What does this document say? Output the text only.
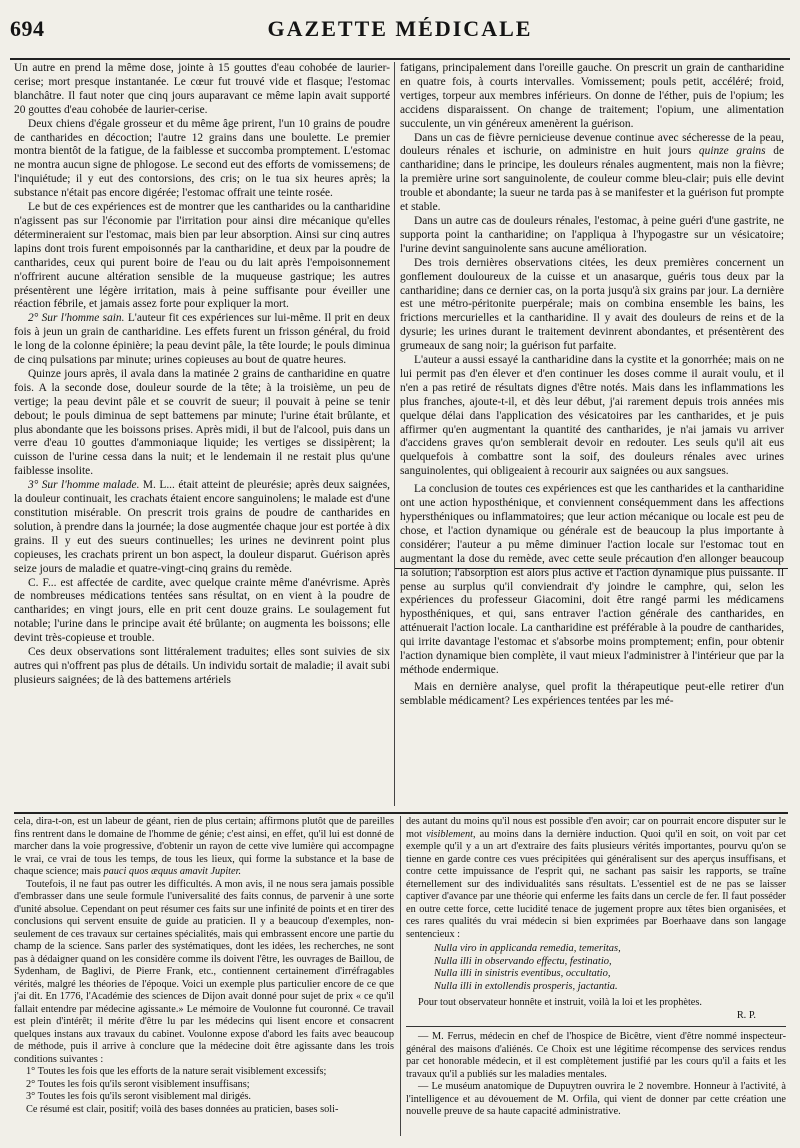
694	GAZETTE MÉDICALE

Un autre en prend la même dose, jointe à 15 gouttes d'eau cohobée de laurier-cerise; mort presque instantanée. Le cœur fut trouvé vide et flasque; l'estomac blanchâtre. Il faut noter que cinq jours auparavant ce même lapin avait supporté 20 gouttes d'eau cohobée de laurier-cerise.

Deux chiens d'égale grosseur et du même âge prirent, l'un 10 grains de poudre de cantharides en décoction; l'autre 12 grains dans une boulette. Le premier montra bientôt de la fatigue, de la faiblesse et succomba promptement. L'estomac ne montra aucun signe de phlogose. Le second eut des efforts de vomissemens; de l'inquiétude; il y eut des contorsions, des cris; on le tua six heures après; la substance n'était pas encore digérée; l'estomac offrait une teinte rosée.

Le but de ces expériences est de montrer que les cantharides ou la cantharidine n'agissent pas sur l'économie par l'irritation pour ainsi dire mécanique qu'elles détermineraient sur l'estomac, mais bien par leur absorption. Ainsi sur cinq autres lapins dont trois furent empoisonnés par la cantharidine, et deux par la poudre de cantharides, ceux qui purent boire de l'eau ou du lait après l'empoisonnement n'offrirent aucune altération sensible de la muqueuse gastrique; les autres présentèrent une légère irritation, mais à peine suffisante pour éveiller une réaction fébrile, et jamais assez forte pour expliquer la mort.

2° Sur l'homme sain. L'auteur fit ces expériences sur lui-même. Il prit en deux fois à jeun un grain de cantharidine. Les effets furent un frisson général, du froid le long de la colonne épinière; la peau devint pâle, la tête lourde; le pouls diminua de cinq pulsations par minute; urines copieuses au bout de quatre heures.

Quinze jours après, il avala dans la matinée 2 grains de cantharidine en quatre fois. A la seconde dose, douleur sourde de la tête; à la troisième, un peu de vertige; la peau devint pâle et se couvrit de sueur; il pouvait à peine se tenir debout; le pouls diminua de sept battemens par minute; l'urine était brûlante, et plus abondante que les boissons prises. Après midi, il but de l'alcool, puis dans un verre d'eau 10 gouttes d'ammoniaque liquide; les vertiges se dissipèrent; la cuisson de l'urine cessa dans la nuit; et le lendemain il ne restait plus qu'une faiblesse insolite.

3° Sur l'homme malade. M. L... était atteint de pleurésie; après deux saignées, la douleur continuait, les crachats étaient encore sanguinolens; le malade est d'une constitution misérable. On prescrit trois grains de poudre de cantharides en solution, à prendre dans la journée; la dose augmentée chaque jour est portée à dix grains. Il y eut des sueurs continuelles; les urines ne devinrent point plus copieuses, les crachats prirent un bon aspect, la douleur disparut. Guérison après seize jours de maladie et quatre-vingt-cinq grains du remède.

C. F... est affectée de cardite, avec quelque crainte même d'anévrisme. Après de nombreuses médications tentées sans résultat, on en vient à la poudre de cantharides; en vingt jours, elle en prit cent douze grains. Le soulagement fut notable; l'urine dans le principe avait été brûlante; on augmenta les boissons; elle devint très-copieuse et trouble.

Ces deux observations sont littéralement traduites; elles sont suivies de six autres qui n'offrent pas plus de détails. Un individu sortait de maladie; il avait subi plusieurs saignées; de là des battemens artériels

fatigans, principalement dans l'oreille gauche. On prescrit un grain de cantharidine en quatre fois, à courts intervalles. Vomissement; pouls petit, accéléré; froid, vertiges, torpeur aux membres inférieurs. On donne de l'éther, puis de l'opium; les accidens disparaissent. On change de traitement; l'opium, une alimentation succulente, un vin généreux amenèrent la guérison.

Dans un cas de fièvre pernicieuse devenue continue avec sécheresse de la peau, douleurs rénales et ischurie, on administre en huit jours quinze grains de cantharidine; dans le principe, les douleurs rénales augmentent, mais non la fièvre; la première urine sort sanguinolente, de couleur comme bleu-clair; puis elle devint trouble et abondante; la sueur ne tarda pas à se manifester et la guérison fut prompte et stable.

Dans un autre cas de douleurs rénales, l'estomac, à peine guéri d'une gastrite, ne supporta point la cantharidine; on l'appliqua à l'hypogastre sur un vésicatoire; l'urine devint sanguinolente sans aucune amélioration.

Des trois dernières observations citées, les deux premières concernent un gonflement douloureux de la cuisse et un anasarque, guéris tous deux par la cantharidine; dans ce dernier cas, on la porta jusqu'à six grains par jour. La dernière est une métro-péritonite puerpérale; mais on combina ensemble les bains, les frictions mercurielles et la cantharidine. Il y avait des douleurs de reins et de la dysurie; les urines durant le traitement devinrent abondantes, et présentèrent des grumeaux de sang noir; la guérison fut parfaite.

L'auteur a aussi essayé la cantharidine dans la cystite et la gonorrhée; mais on ne lui permit pas d'en élever et d'en continuer les doses comme il aurait voulu, et il n'en a pas retiré de résultats dignes d'être notés. Mais dans les inflammations les plus franches, ajoute-t-il, et dès leur début, j'ai rarement depuis trois années mis quelque délai dans l'application des vésicatoires par les cantharides, et je puis affirmer qu'en augmentant la quantité des cantharides, je n'ai jamais vu arriver d'accidens graves qu'on semblerait devoir en redouter. Les seuls qu'il ait eus quelquefois à combattre sont la soif, des douleurs rénales avec urines sanguinolentes, qui obligeaient à recourir aux saignées ou aux sangsues.

La conclusion de toutes ces expériences est que les cantharides et la cantharidine ont une action hyposthénique, et conviennent conséquemment dans les affections hypersthéniques ou inflammatoires; que leur action mécanique ou locale est peu de chose, et l'action dynamique ou générale est de beaucoup la plus importante à considérer; l'auteur a pu même diminuer l'action locale sur l'estomac tout en augmentant la dose du remède, avec cette seule précaution d'en allonger beaucoup la solution; l'absorption est alors plus active et l'action dynamique plus puissante. Il pense au surplus qu'il conviendrait d'y joindre le camphre, qui, selon les expériences du professeur Giacomini, doit être rangé parmi les médicamens hyposthéniques, et qui, sans entraver l'action générale des cantharides, en atténuerait l'action locale. La cantharidine est préférable à la poudre de cantharides, qui irrite davantage l'estomac et s'absorbe moins promptement; enfin, pour obtenir l'action dynamique bien complète, il vaut mieux l'administrer à l'intérieur que par la méthode endermique.

Mais en dernière analyse, quel profit la thérapeutique peut-elle retirer d'un semblable médicament? Les expériences tentées par les mé-

cela, dira-t-on, est un labeur de géant, rien de plus certain; affirmons plutôt que de pareilles fins rentrent dans le domaine de l'homme de génie; c'est ainsi, en effet, qu'il lui est donné de marcher dans la voie progressive, d'obtenir un rayon de cette vive lumière qui accompagne le vrai, ce vrai de tous les temps, de tous les lieux, qui forme la substance et la base de chaque science; mais pauci quos æquus amavit Jupiter.

Toutefois, il ne faut pas outrer les difficultés. A mon avis, il ne nous sera jamais possible d'embrasser dans une seule formule l'universalité des faits connus, de parvenir à une sorte d'unité absolue. Cependant on peut résumer ces faits sur une infinité de points et en tirer des conclusions qui servent ensuite de guide au praticien. Il y a beaucoup d'exemples, non-seulement de ces travaux sur certaines spécialités, mais qui embrassent encore une partie du champ de la science. Sans parler des systématiques, dont les idées, les recherches, ne sont pas à dédaigner quand on les considère comme ils doivent l'être, les ouvrages de Baillou, de Sydenham, de Baglivi, de Pierre Frank, etc., contiennent certainement d'irréfragables vérités, malgré les théories de l'époque. Voici un exemple plus particulier encore de ce que j'ai dit. En 1776, l'Académie des sciences de Dijon avait donné pour sujet de prix « ce qu'il fallait entendre par médecine agissante.» Le mémoire de Voulonne fut couronné. Ce travail est plein d'intérêt; il mérite d'être lu par les médecins qui lisent encore et consacrent quelques instans aux travaux du cabinet. Voulonne expose d'abord les faits avec beaucoup de méthode, puis il arrive à conclure que la médecine doit être agissante dans les trois conditions suivantes :

1° Toutes les fois que les efforts de la nature serait visiblement excessifs;

2° Toutes les fois qu'ils seront visiblement insuffisans;

3° Toutes les fois qu'ils seront visiblement mal dirigés.

Ce résumé est clair, positif; voilà des bases données au praticien, bases soli-

des autant du moins qu'il nous est possible d'en avoir; car on pourrait encore disputer sur le mot visiblement, au moins dans la dernière induction. Quoi qu'il en soit, on voit par cet exemple qu'il y a un art d'extraire des faits plusieurs vérités importantes, pourvu qu'on se tienne en garde contre ces vues précipitées qui généralisent sur des aperçus insuffisans, et contre cette impuissance de l'esprit qui, ne sachant pas saisir les rapports, se traîne éternellement sur des individualités sans résultats. L'essentiel est de ne pas se laisser captiver d'avance par une théorie qui enferme les faits dans un cercle de fer. Il faut posséder en outre cette force, cette lucidité tenace de jugement propre aux têtes bien organisées, et ces rares qualités du vrai médecin si bien exprimées par Boerhaave dans son langage sentencieux :

Nulla viro in applicanda remedia, temeritas,
Nulla illi in observando effectu, festinatio,
Nulla illi in sinistris eventibus, occultatio,
Nulla illi in extollendis prosperis, jactantia.

Pour tout observateur honnête et instruit, voilà la loi et les prophètes.

R. P.

— M. Ferrus, médecin en chef de l'hospice de Bicêtre, vient d'être nommé inspecteur-général des maisons d'aliénés. Ce Choix est une légitime récompense des services rendus par cet honorable médecin, et il est complètement justifié par les cours qu'il a faits et les travaux qu'il a publiés sur les maladies mentales.

— Le muséum anatomique de Dupuytren ouvrira le 2 novembre. Honneur à l'activité, à l'intelligence et au dévouement de M. Orfila, qui vient de donner par cette création une nouvelle preuve de sa haute capacité administrative.
